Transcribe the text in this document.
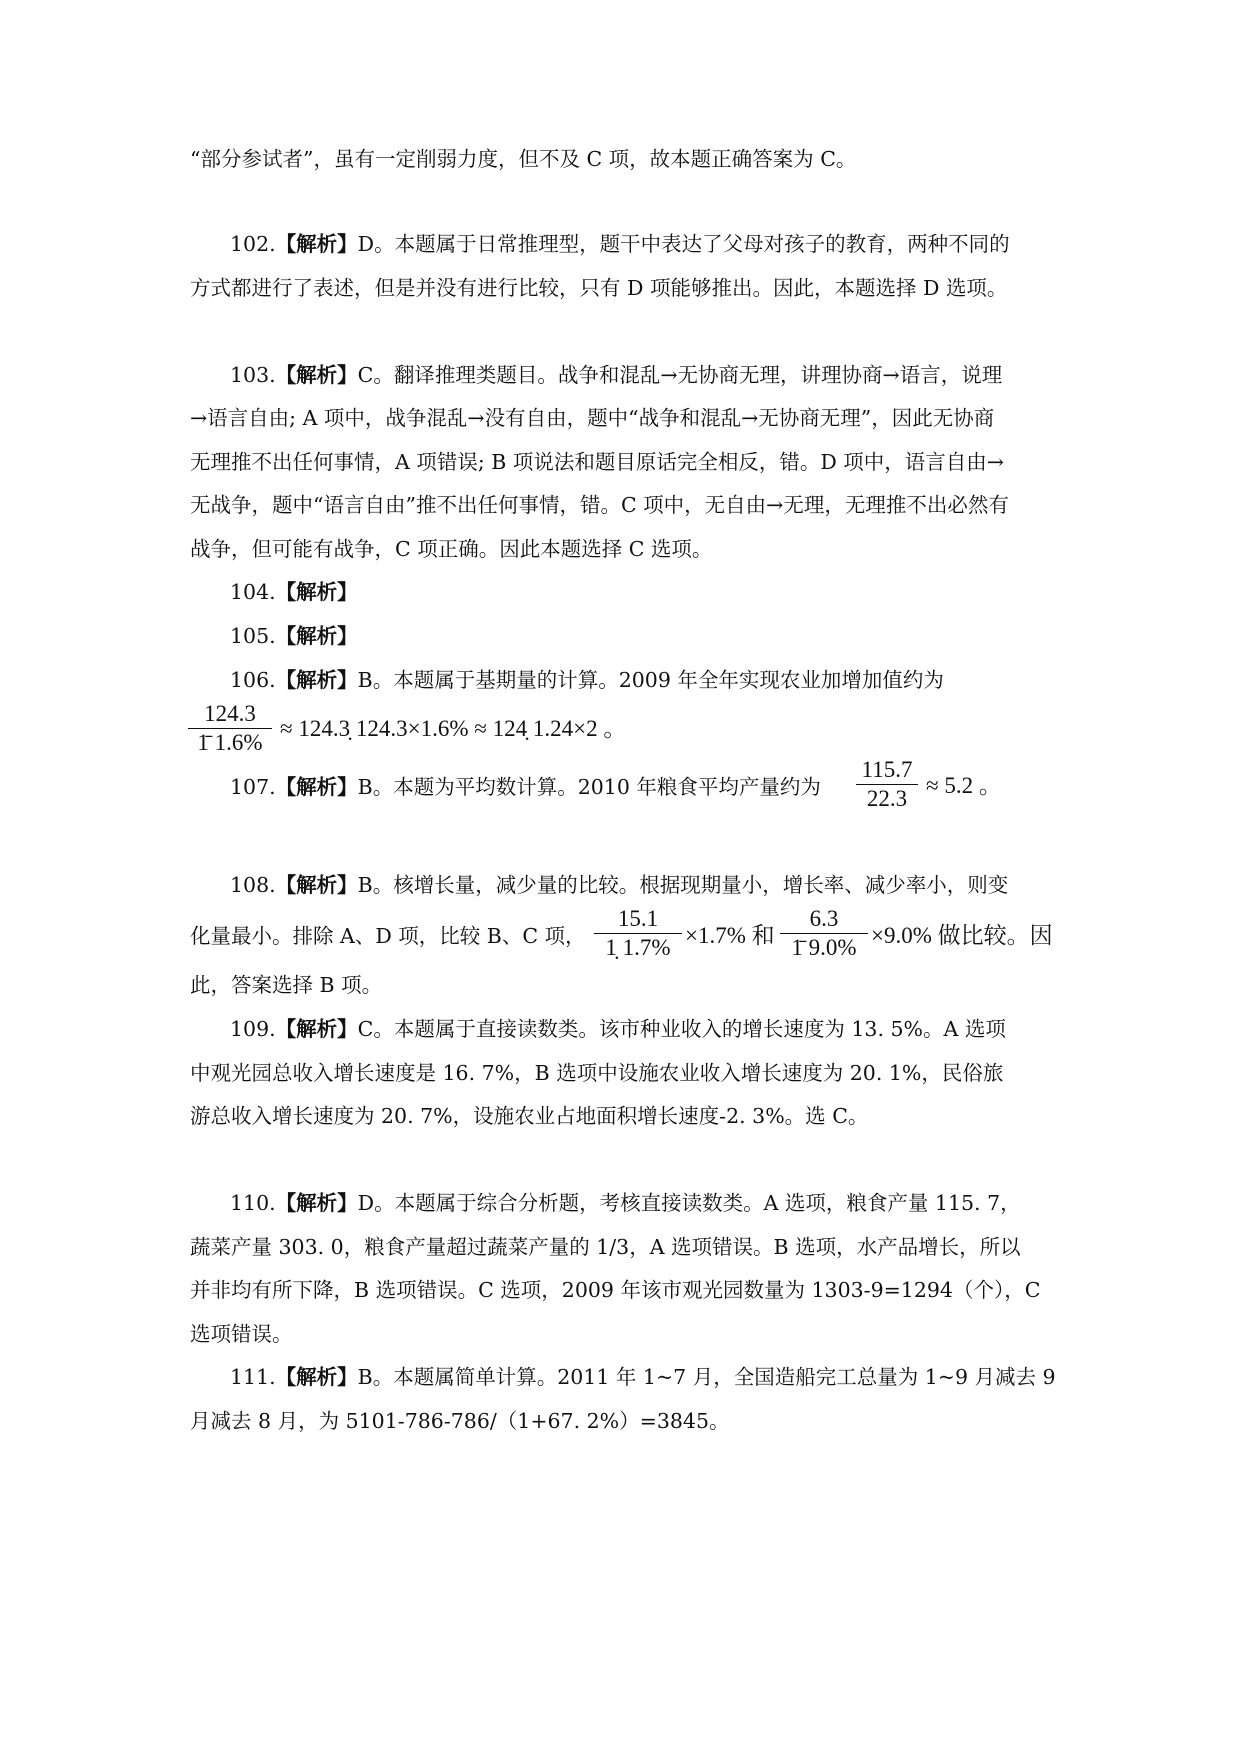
“部分参试者”，虽有一定削弱力度，但不及 C 项，故本题正确答案为 C。
102.【解析】D。本题属于日常推理型，题干中表达了父母对孩子的教育，两种不同的
方式都进行了表述，但是并没有进行比较，只有 D 项能够推出。因此，本题选择 D 选项。
103.【解析】C。翻译推理类题目。战争和混乱→无协商无理，讲理协商→语言，说理
→语言自由; A 项中，战争混乱→没有自由，题中“战争和混乱→无协商无理”，因此无协商
无理推不出任何事情，A 项错误; B 项说法和题目原话完全相反，错。D 项中，语言自由→
无战争，题中“语言自由”推不出任何事情，错。C 项中，无自由→无理，无理推不出必然有
战争，但可能有战争，C 项正确。因此本题选择 C 选项。
104.【解析】
105.【解析】
106.【解析】B。本题属于基期量的计算。2009 年全年实现农业加增加值约为
124.3
1̄ 1.6%
≈ 124.3̣ 124.3×1.6% ≈ 124̣ 1.24×2 。
107.【解析】B。本题为平均数计算。2010 年粮食平均产量约为
115.7
22.3
≈ 5.2 。
108.【解析】B。核增长量，减少量的比较。根据现期量小，增长率、减少率小，则变
化量最小。排除 A、D 项，比较 B、C 项，
15.1
1̣ 1.7% ×1.7% 和
6.3
1̄ 9.0% ×9.0% 做比较。因
此，答案选择 B 项。
109.【解析】C。本题属于直接读数类。该市种业收入的增长速度为 13. 5%。A 选项
中观光园总收入增长速度是 16. 7%，B 选项中设施农业收入增长速度为 20. 1%，民俗旅
游总收入增长速度为 20. 7%，设施农业占地面积增长速度-2. 3%。选 C。
110.【解析】D。本题属于综合分析题，考核直接读数类。A 选项，粮食产量 115. 7，
蔬菜产量 303. 0，粮食产量超过蔬菜产量的 1/3，A 选项错误。B 选项，水产品增长，所以
并非均有所下降，B 选项错误。C 选项，2009 年该市观光园数量为 1303-9=1294（个），C
选项错误。
111.【解析】B。本题属简单计算。2011 年 1~7 月，全国造船完工总量为 1~9 月减去 9
月减去 8 月，为 5101-786-786/（1+67. 2%）=3845。
